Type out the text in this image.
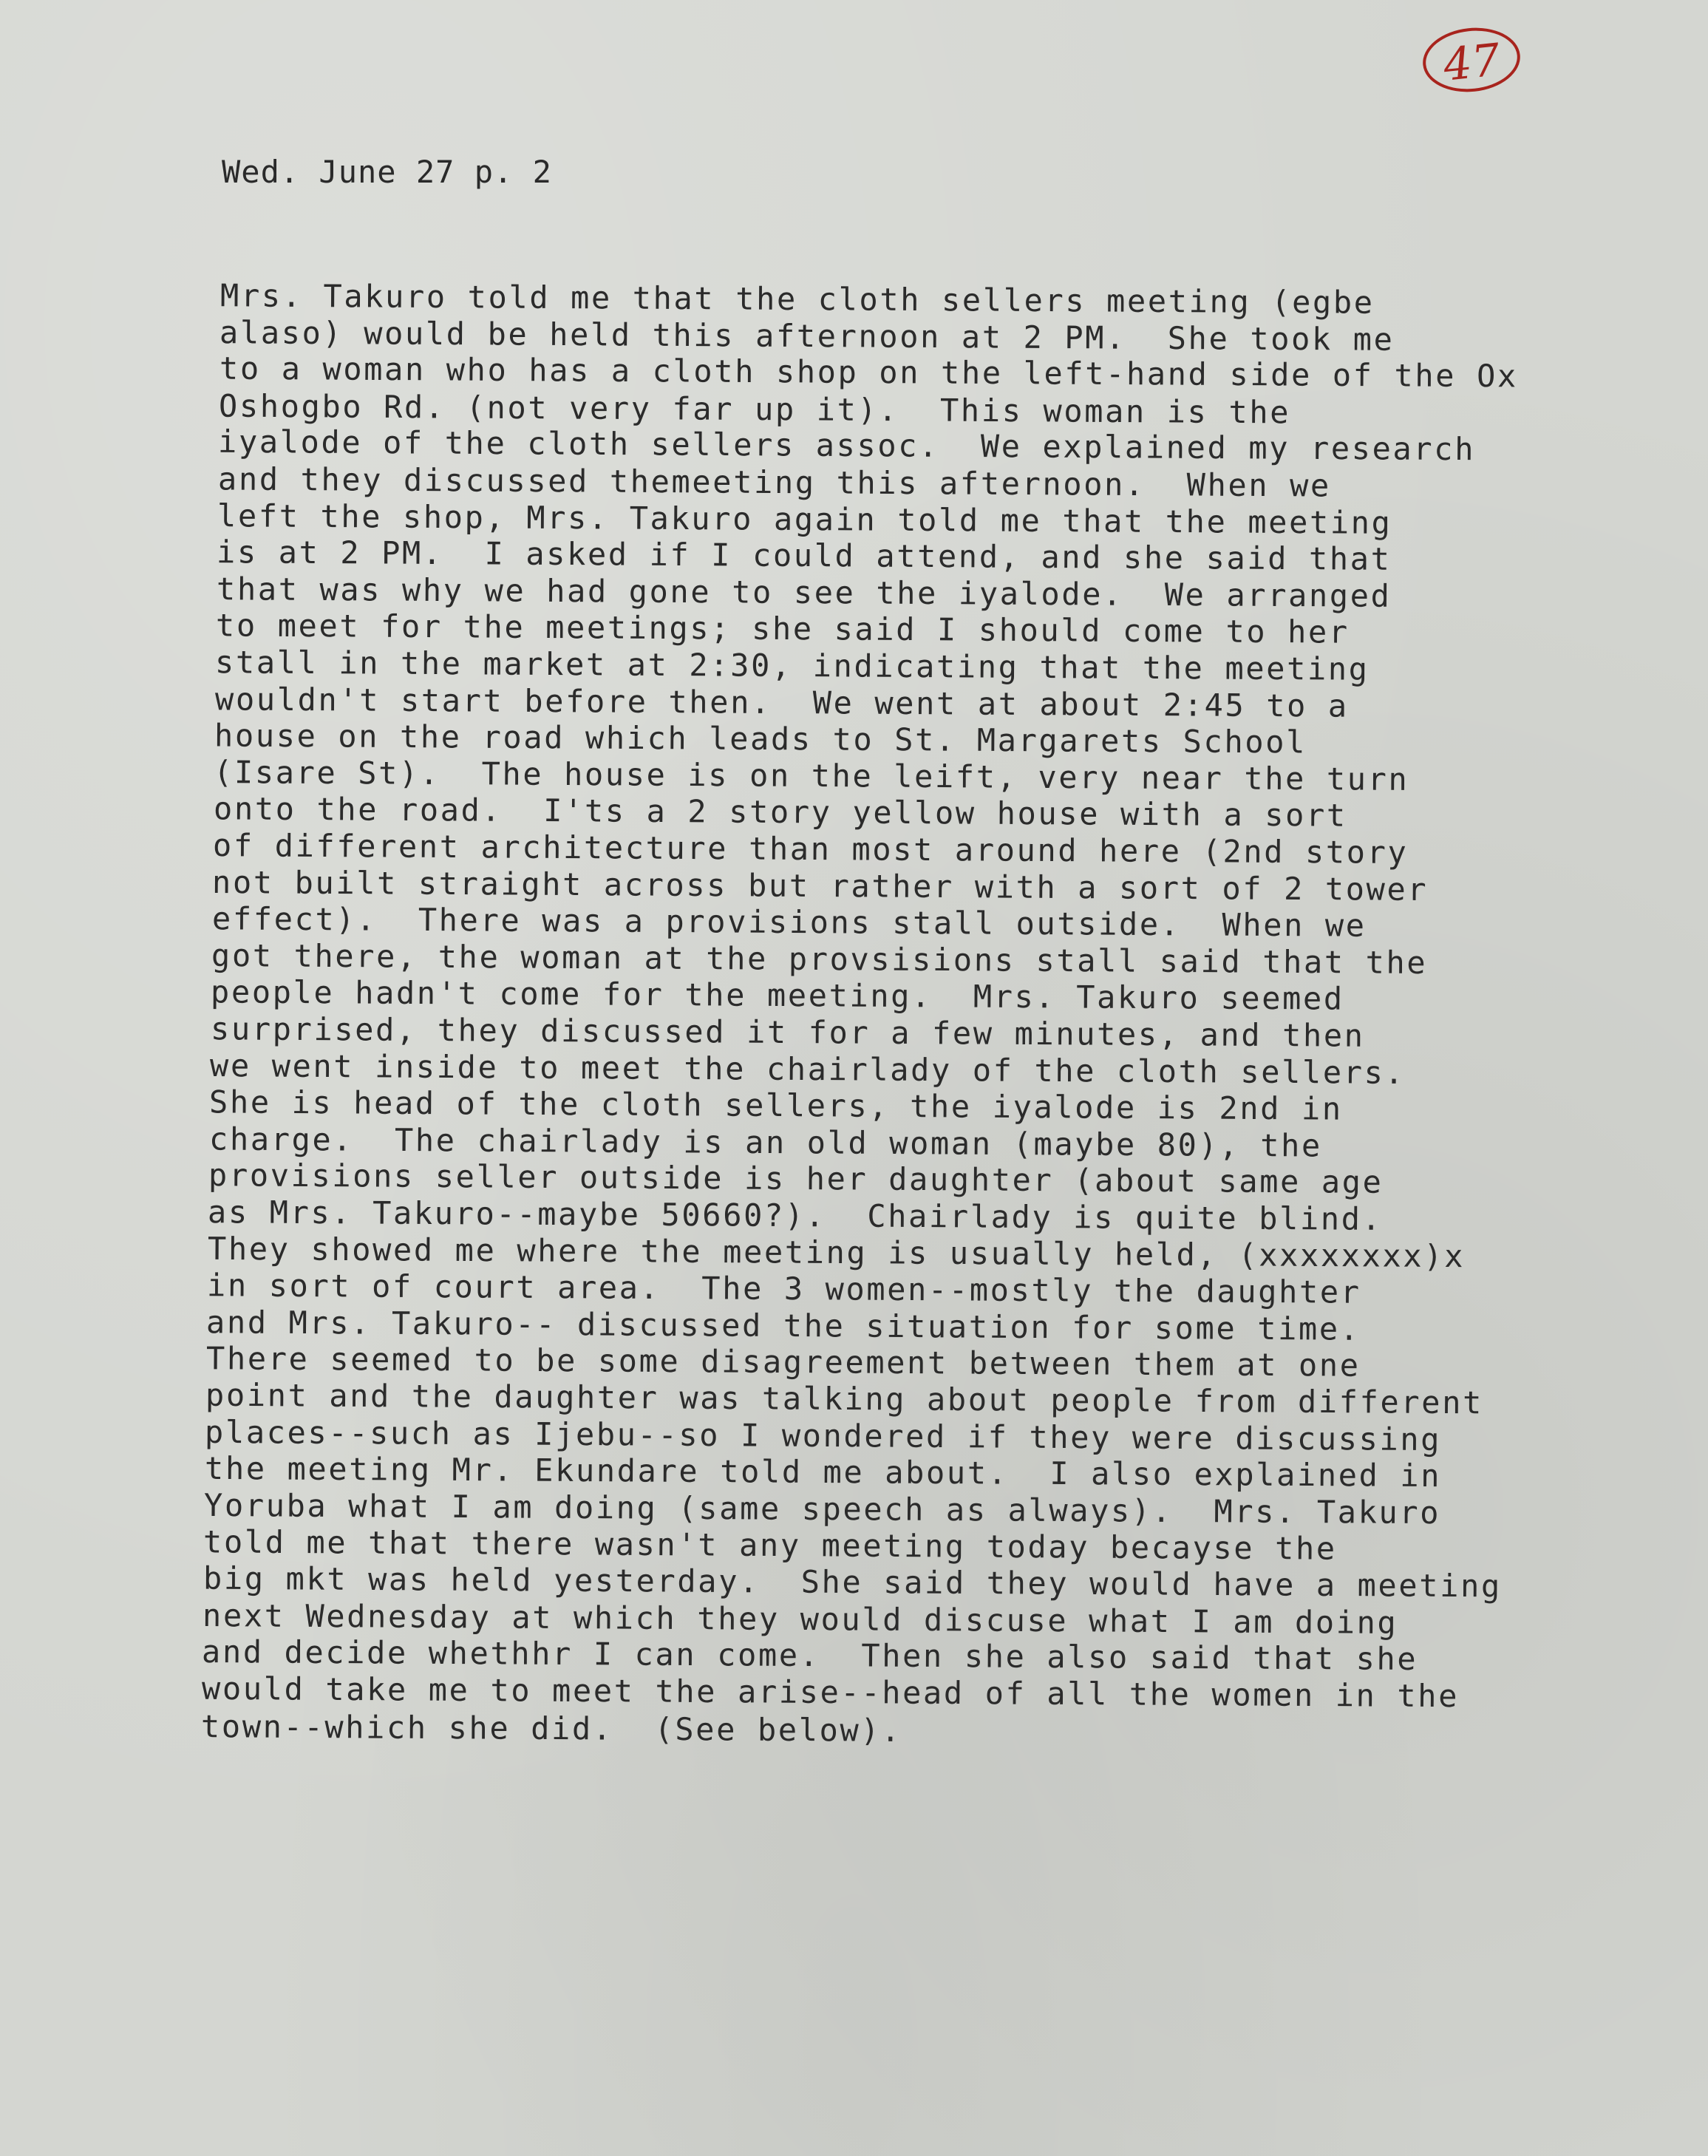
47
Wed. June 27 p. 2
Mrs. Takuro told me that the cloth sellers meeting (egbe
alaso) would be held this afternoon at 2 PM.  She took me
to a woman who has a cloth shop on the left-hand side of the Ox
Oshogbo Rd. (not very far up it).  This woman is the
iyalode of the cloth sellers assoc.  We explained my research
and they discussed themeeting this afternoon.  When we
left the shop, Mrs. Takuro again told me that the meeting
is at 2 PM.  I asked if I could attend, and she said that
that was why we had gone to see the iyalode.  We arranged
to meet for the meetings; she said I should come to her
stall in the market at 2:30, indicating that the meeting
wouldn't start before then.  We went at about 2:45 to a
house on the road which leads to St. Margarets School
(Isare St).  The house is on the leift, very near the turn
onto the road.  I'ts a 2 story yellow house with a sort
of different architecture than most around here (2nd story
not built straight across but rather with a sort of 2 tower
effect).  There was a provisions stall outside.  When we
got there, the woman at the provsisions stall said that the
people hadn't come for the meeting.  Mrs. Takuro seemed
surprised, they discussed it for a few minutes, and then
we went inside to meet the chairlady of the cloth sellers.
She is head of the cloth sellers, the iyalode is 2nd in
charge.  The chairlady is an old woman (maybe 80), the
provisions seller outside is her daughter (about same age
as Mrs. Takuro--maybe 50660?).  Chairlady is quite blind.
They showed me where the meeting is usually held, (xxxxxxxx)x
in sort of court area.  The 3 women--mostly the daughter
and Mrs. Takuro-- discussed the situation for some time.
There seemed to be some disagreement between them at one
point and the daughter was talking about people from different
places--such as Ijebu--so I wondered if they were discussing
the meeting Mr. Ekundare told me about.  I also explained in
Yoruba what I am doing (same speech as always).  Mrs. Takuro
told me that there wasn't any meeting today becayse the
big mkt was held yesterday.  She said they would have a meeting
next Wednesday at which they would discuse what I am doing
and decide whethhr I can come.  Then she also said that she
would take me to meet the arise--head of all the women in the
town--which she did.  (See below).
